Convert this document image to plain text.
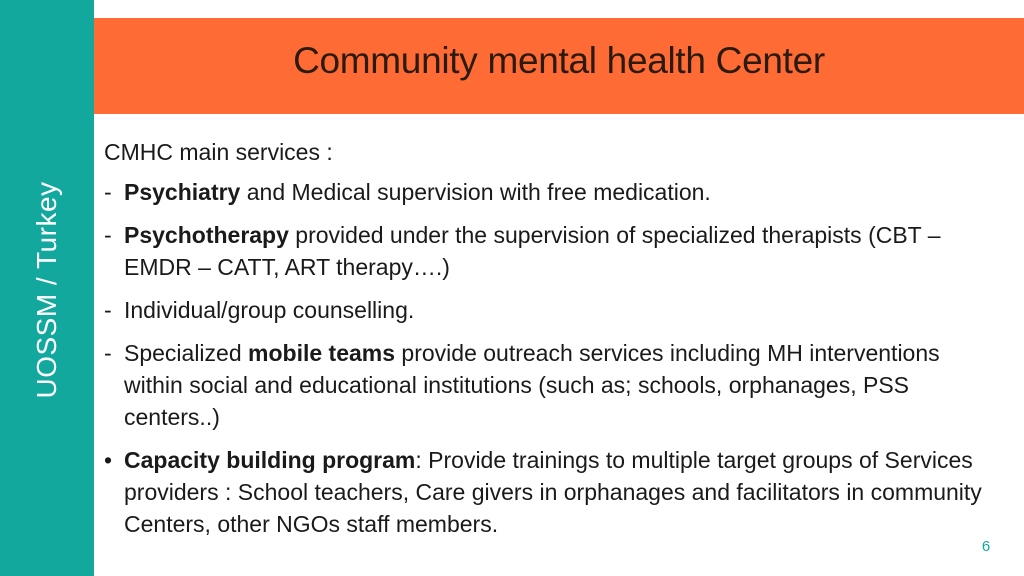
UOSSM / Turkey
Community mental health Center
CMHC main services :
- Psychiatry and Medical supervision with free medication.
- Psychotherapy provided under the supervision of specialized therapists (CBT – EMDR – CATT, ART therapy….)
- Individual/group counselling.
- Specialized mobile teams provide outreach services including MH interventions within social and educational institutions (such as; schools, orphanages, PSS centers..)
• Capacity building program: Provide trainings to multiple target groups of Services providers : School teachers, Care givers in orphanages and facilitators in community Centers, other NGOs staff members.
6
